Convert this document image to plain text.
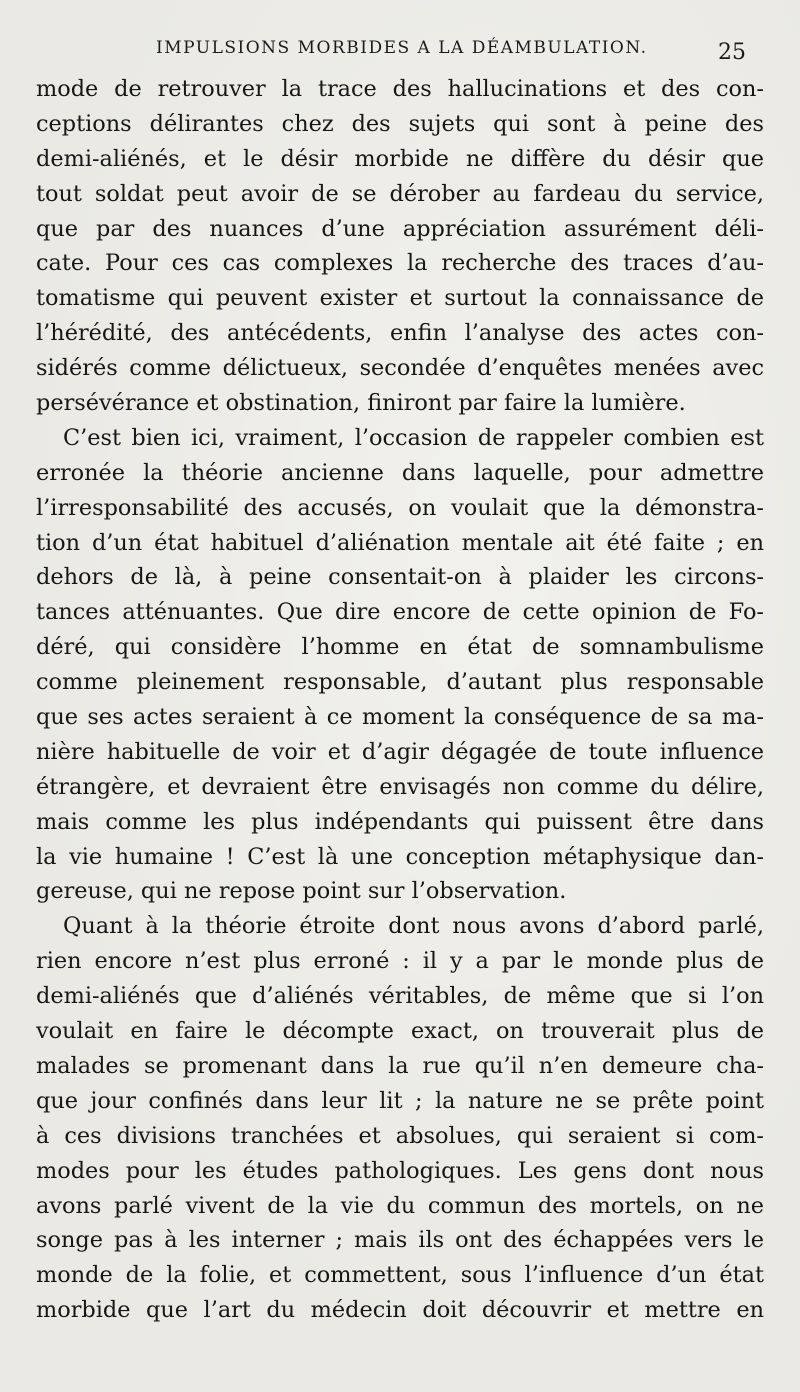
IMPULSIONS MORBIDES A LA DÉAMBULATION.	25
mode de retrouver la trace des hallucinations et des con-
ceptions délirantes chez des sujets qui sont à peine des
demi-aliénés, et le désir morbide ne diffère du désir que
tout soldat peut avoir de se dérober au fardeau du service,
que par des nuances d’une appréciation assurément déli-
cate. Pour ces cas complexes la recherche des traces d’au-
tomatisme qui peuvent exister et surtout la connaissance de
l’hérédité, des antécédents, enfin l’analyse des actes con-
sidérés comme délictueux, secondée d’enquêtes menées avec
persévérance et obstination, finiront par faire la lumière.
C’est bien ici, vraiment, l’occasion de rappeler combien est
erronée la théorie ancienne dans laquelle, pour admettre
l’irresponsabilité des accusés, on voulait que la démonstra-
tion d’un état habituel d’aliénation mentale ait été faite ; en
dehors de là, à peine consentait-on à plaider les circons-
tances atténuantes. Que dire encore de cette opinion de Fo-
déré, qui considère l’homme en état de somnambulisme
comme pleinement responsable, d’autant plus responsable
que ses actes seraient à ce moment la conséquence de sa ma-
nière habituelle de voir et d’agir dégagée de toute influence
étrangère, et devraient être envisagés non comme du délire,
mais comme les plus indépendants qui puissent être dans
la vie humaine ! C’est là une conception métaphysique dan-
gereuse, qui ne repose point sur l’observation.
Quant à la théorie étroite dont nous avons d’abord parlé,
rien encore n’est plus erroné : il y a par le monde plus de
demi-aliénés que d’aliénés véritables, de même que si l’on
voulait en faire le décompte exact, on trouverait plus de
malades se promenant dans la rue qu’il n’en demeure cha-
que jour confinés dans leur lit ; la nature ne se prête point
à ces divisions tranchées et absolues, qui seraient si com-
modes pour les études pathologiques. Les gens dont nous
avons parlé vivent de la vie du commun des mortels, on ne
songe pas à les interner ; mais ils ont des échappées vers le
monde de la folie, et commettent, sous l’influence d’un état
morbide que l’art du médecin doit découvrir et mettre en
